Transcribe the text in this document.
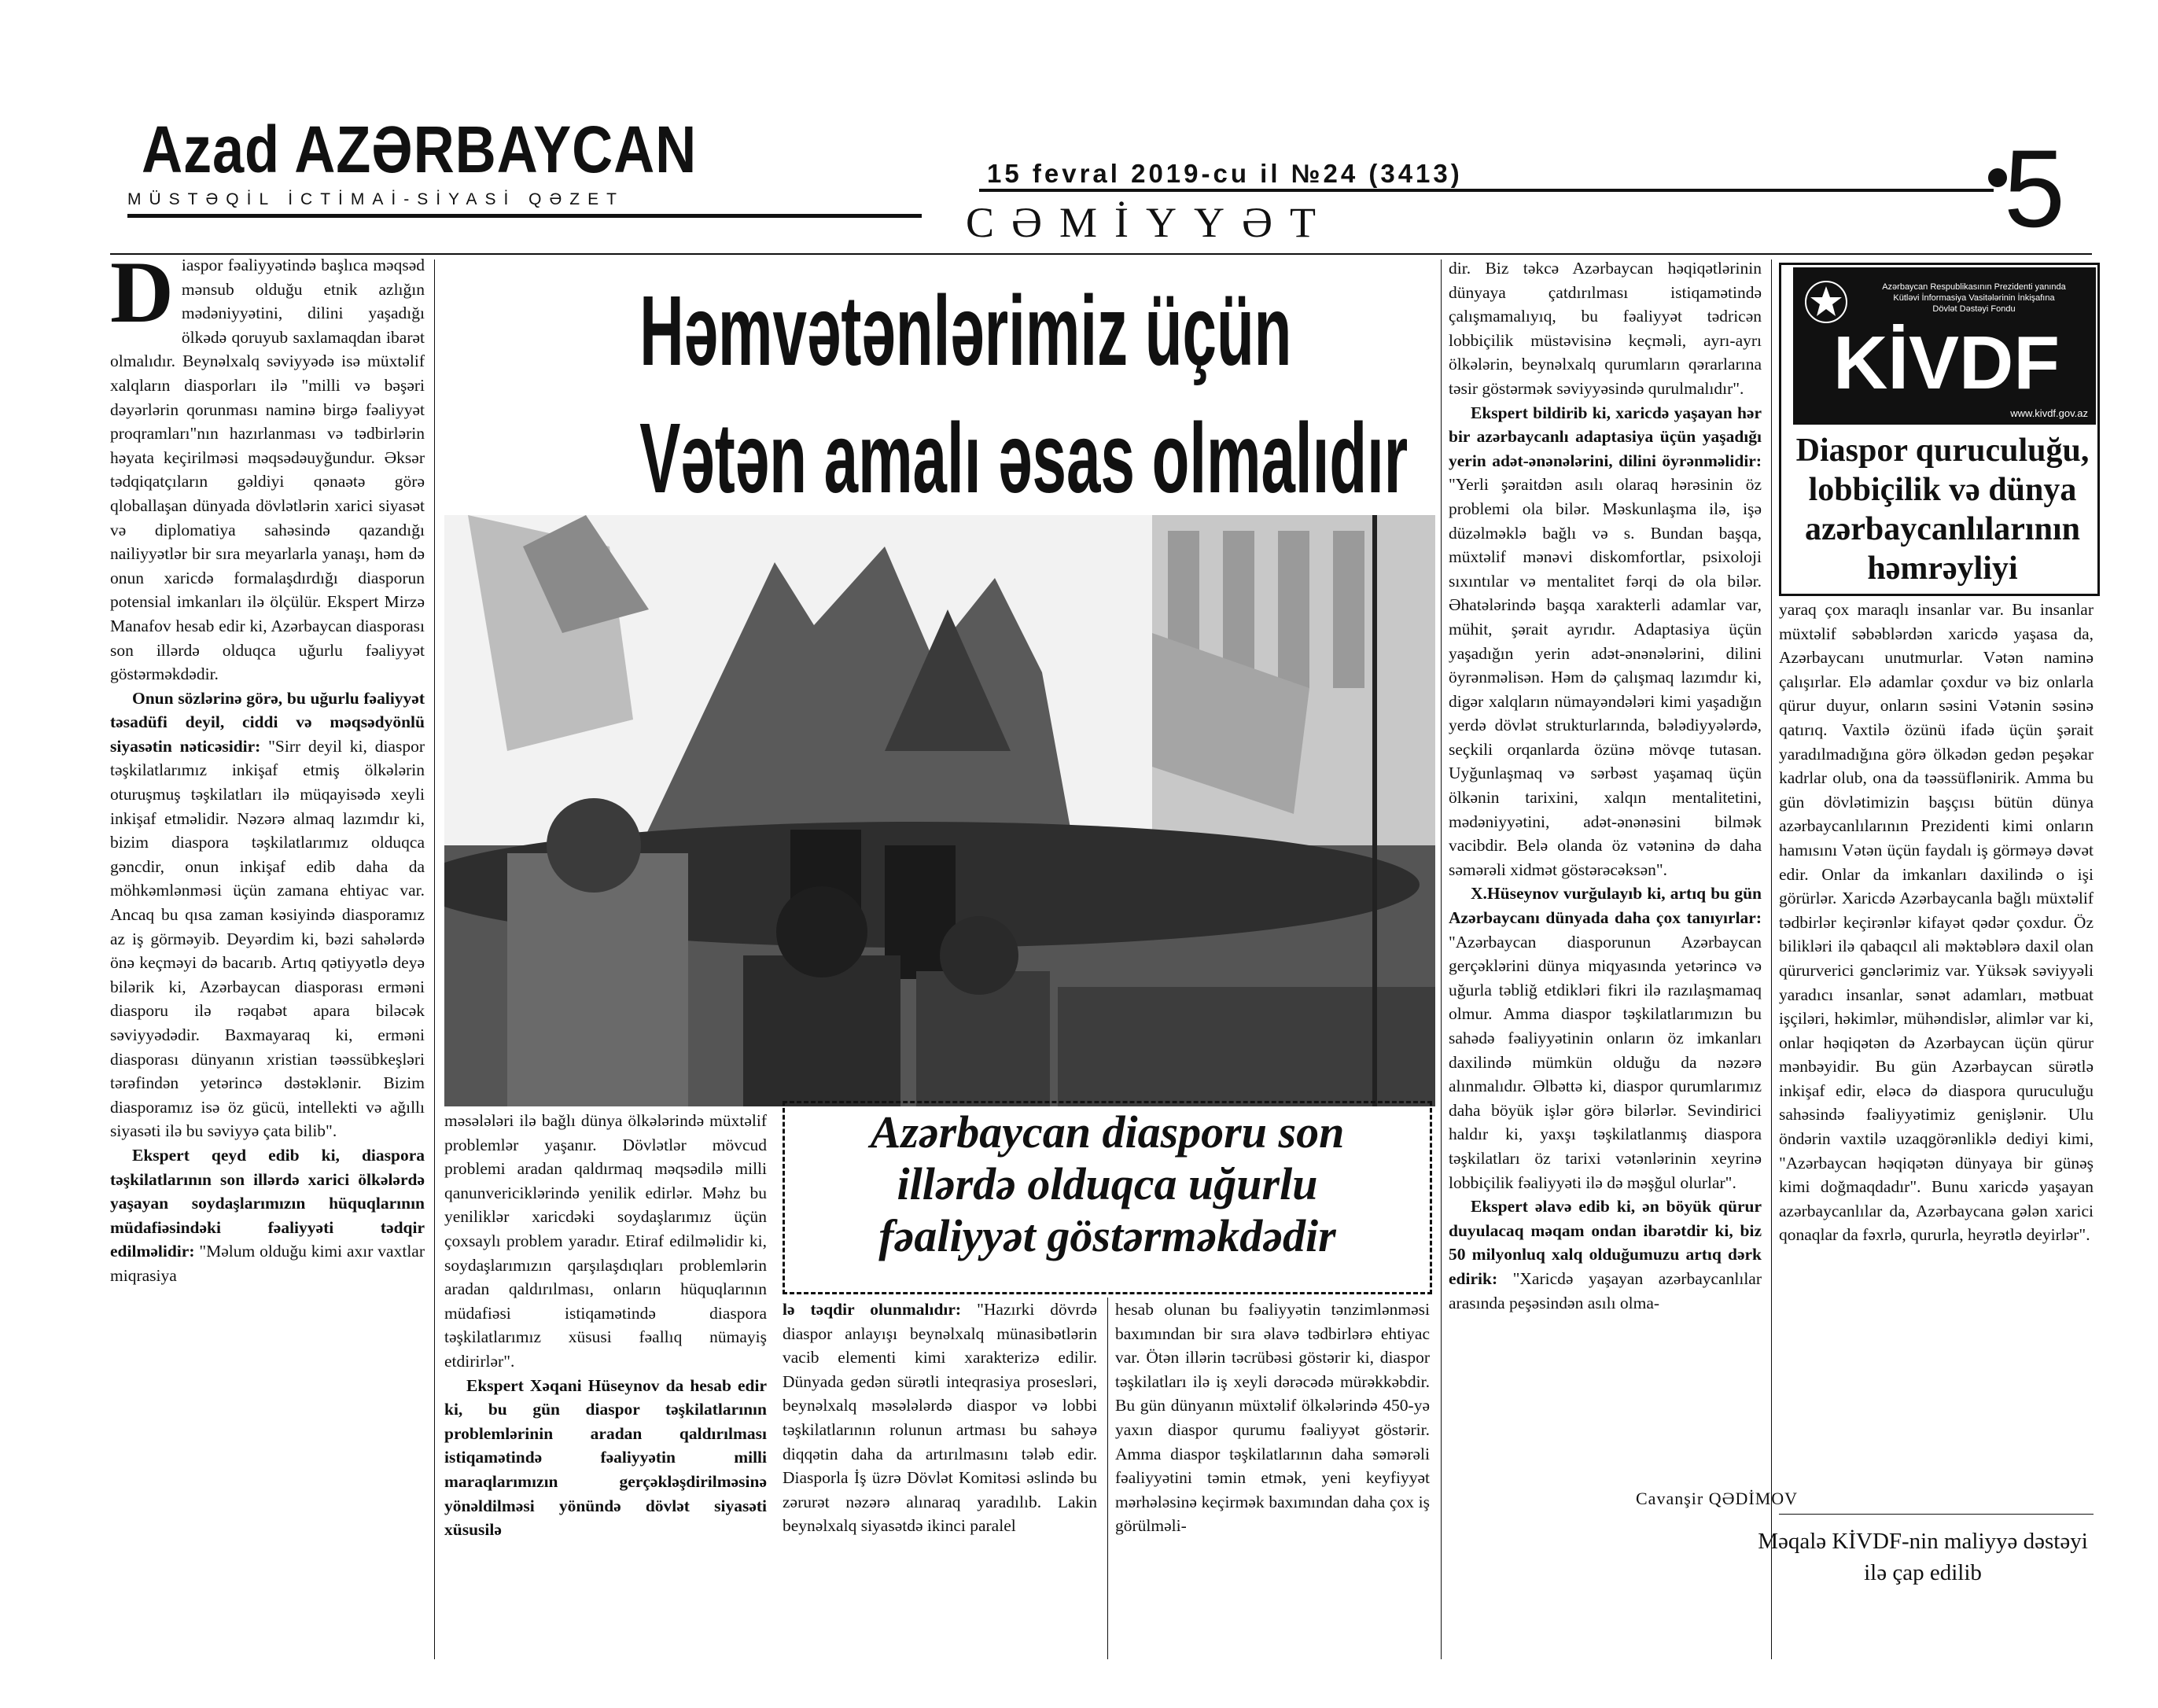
Azad AZƏRBAYCAN
MÜSTƏQİL İCTİMAİ-SİYASİ QƏZET
15 fevral 2019-cu il №24 (3413)
CƏMİYYƏT	5
D iaspor fəaliyyətində başlıca məqsəd mənsub olduğu etnik azlığın mədəniyyətini, dilini yaşadığı ölkədə qoruyub saxlamaqdan ibarət olmalıdır. Beynəlxalq səviyyədə isə müxtəlif xalqların diasporları ilə "milli və bəşəri dəyərlərin qorunması naminə birgə fəaliyyət proqramları"nın hazırlanması və tədbirlərin həyata keçirilməsi məqsədəuyğundur. Əksər tədqiqatçıların gəldiyi qənaətə görə qloballaşan dünyada dövlətlərin xarici siyasət və diplomatiya sahəsində qazandığı nailiyyətlər bir sıra meyarlarla yanaşı, həm də onun xaricdə formalaşdırdığı diasporun potensial imkanları ilə ölçülür. Ekspert Mirzə Manafov hesab edir ki, Azərbaycan diasporası son illərdə olduqca uğurlu fəaliyyət göstərməkdədir.

Onun sözlərinə görə, bu uğurlu fəaliyyət təsadüfi deyil, ciddi və məqsədyönlü siyasətin nəticəsidir: "Sirr deyil ki, diaspor təşkilatlarımız inkişaf etmiş ölkələrin oturuşmuş təşkilatları ilə müqayisədə xeyli inkişaf etməlidir. Nəzərə almaq lazımdır ki, bizim diaspora təşkilatlarımız olduqca gəncdir, onun inkişaf edib daha da möhkəmlənməsi üçün zamana ehtiyac var. Ancaq bu qısa zaman kəsiyində diasporamız az iş görməyib. Deyərdim ki, bəzi sahələrdə önə keçməyi də bacarıb. Artıq qətiyyətlə deyə bilərik ki, Azərbaycan diasporası erməni diasporu ilə rəqabət apara biləcək səviyyədədir. Baxmayaraq ki, erməni diasporası dünyanın xristian təəssübkeşləri tərəfindən yetərincə dəstəklənir. Bizim diasporamız isə öz gücü, intellekti və ağıllı siyasəti ilə bu səviyyə çata bilib".

Ekspert qeyd edib ki, diaspora təşkilatlarının son illərdə xarici ölkələrdə yaşayan soydaşlarımızın hüquqlarının müdafiəsindəki fəaliyyəti tədqir edilməlidir: "Məlum olduğu kimi axır vaxtlar miqrasiya

Həmvətənlərimiz üçün
Vətən amalı əsas olmalıdır

məsələləri ilə bağlı dünya ölkələrində müxtəlif problemlər yaşanır. Dövlətlər mövcud problemi aradan qaldırmaq məqsədilə milli qanunvericiklərində yenilik edirlər. Məhz bu yeniliklər xaricdəki soydaşlarımız üçün çoxsaylı problem yaradır. Etiraf edilməlidir ki, soydaşlarımızın qarşılaşdıqları problemlərin aradan qaldırılması, onların hüquqlarının müdafiəsi istiqamətində diaspora təşkilatlarımız xüsusi fəallıq nümayiş etdirirlər".

Ekspert Xəqani Hüseynov da hesab edir ki, bu gün diaspor təşkilatlarının problemlərinin aradan qaldırılması istiqamətində fəaliyyətin milli maraqlarımızın gerçəkləşdirilməsinə yönəldilməsi yönündə dövlət siyasəti xüsusilə

Azərbaycan diasporu son
illərdə olduqca uğurlu
fəaliyyət göstərməkdədir

lə təqdir olunmalıdır: "Hazırki dövrdə diaspor anlayışı beynəlxalq münasibətlərin vacib elementi kimi xarakterizə edilir. Dünyada gedən sürətli inteqrasiya prosesləri, beynəlxalq məsələlərdə diaspor və lobbi təşkilatlarının rolunun artması bu sahəyə diqqətin daha da artırılmasını tələb edir. Diasporla İş üzrə Dövlət Komitəsi əslində bu zərurət nəzərə alınaraq yaradılıb. Lakin beynəlxalq siyasətdə ikinci paralel

hesab olunan bu fəaliyyətin tənzimlənməsi baxımından bir sıra əlavə tədbirlərə ehtiyac var. Ötən illərin təcrübəsi göstərir ki, diaspor təşkilatları ilə iş xeyli dərəcədə mürəkkəbdir. Bu gün dünyanın müxtəlif ölkələrində 450-yə yaxın diaspor qurumu fəaliyyət göstərir. Amma diaspor təşkilatlarının daha səmərəli fəaliyyətini təmin etmək, yeni keyfiyyət mərhələsinə keçirmək baxımından daha çox iş görülməli-

dir. Biz təkcə Azərbaycan həqiqətlərinin dünyaya çatdırılması istiqamətində çalışmamalıyıq, bu fəaliyyət tədricən lobbiçilik müstəvisinə keçməli, ayrı-ayrı ölkələrin, beynəlxalq qurumların qərarlarına təsir göstərmək səviyyəsində qurulmalıdır".

Ekspert bildirib ki, xaricdə yaşayan hər bir azərbaycanlı adaptasiya üçün yaşadığı yerin adət-ənənələrini, dilini öyrənməlidir: "Yerli şəraitdən asılı olaraq hərəsinin öz problemi ola bilər. Məskunlaşma ilə, işə düzəlməklə bağlı və s. Bundan başqa, müxtəlif mənəvi diskomfortlar, psixoloji sıxıntılar və mentalitet fərqi də ola bilər. Əhatələrində başqa xarakterli adamlar var, mühit, şərait ayrıdır. Adaptasiya üçün yaşadığın yerin adət-ənənələrini, dilini öyrənməlisən. Həm də çalışmaq lazımdır ki, digər xalqların nümayəndələri kimi yaşadığın yerdə dövlət strukturlarında, bələdiyyələrdə, seçkili orqanlarda özünə mövqe tutasan. Uyğunlaşmaq və sərbəst yaşamaq üçün ölkənin tarixini, xalqın mentalitetini, mədəniyyətini, adət-ənənəsini bilmək vacibdir. Belə olanda öz vətəninə də daha səmərəli xidmət göstərəcəksən".

X.Hüseynov vurğulayıb ki, artıq bu gün Azərbaycanı dünyada daha çox tanıyırlar: "Azərbaycan diasporunun Azərbaycan gerçəklərini dünya miqyasında yetərincə və uğurla təbliğ etdikləri fikri ilə razılaşmamaq olmur. Amma diaspor təşkilatlarımızın bu sahədə fəaliyyətinin onların öz imkanları daxilində mümkün olduğu da nəzərə alınmalıdır. Əlbəttə ki, diaspor qurumlarımız daha böyük işlər görə bilərlər. Sevindirici haldır ki, yaxşı təşkilatlanmış diaspora təşkilatları öz tarixi vətənlərinin xeyrinə lobbiçilik fəaliyyəti ilə də məşğul olurlar".

Ekspert əlavə edib ki, ən böyük qürur duyulacaq məqam ondan ibarətdir ki, biz 50 milyonluq xalq olduğumuzu artıq dərk edirik: "Xaricdə yaşayan azərbaycanlılar arasında peşəsindən asılı olma-

Azərbaycan Respublikasının Prezidenti yanında
Kütləvi İnformasiya Vasitələrinin İnkişafına
Dövlət Dəstəyi Fondu
KİVDF
www.kivdf.gov.az
Diaspor quruculuğu, lobbiçilik və dünya azərbaycanlılarının həmrəyliyi

yaraq çox maraqlı insanlar var. Bu insanlar müxtəlif səbəblərdən xaricdə yaşasa da, Azərbaycanı unutmurlar. Vətən naminə çalışırlar. Elə adamlar çoxdur və biz onlarla qürur duyur, onların səsini Vətənin səsinə qatırıq. Vaxtilə özünü ifadə üçün şərait yaradılmadığına görə ölkədən gedən peşəkar kadrlar olub, ona da təəssüflənirik. Amma bu gün dövlətimizin başçısı bütün dünya azərbaycanlılarının Prezidenti kimi onların hamısını Vətən üçün faydalı iş görməyə dəvət edir. Onlar da imkanları daxilində o işi görürlər. Xaricdə Azərbaycanla bağlı müxtəlif tədbirlər keçirənlər kifayət qədər çoxdur. Öz bilikləri ilə qabaqcıl ali məktəblərə daxil olan qürurverici gənclərimiz var. Yüksək səviyyəli yaradıcı insanlar, sənət adamları, mətbuat işçiləri, həkimlər, mühəndislər, alimlər var ki, onlar həqiqətən də Azərbaycan üçün qürur mənbəyidir. Bu gün Azərbaycan sürətlə inkişaf edir, eləcə də diaspora quruculuğu sahəsində fəaliyyətimiz genişlənir. Ulu öndərin vaxtilə uzaqgörənliklə dediyi kimi, "Azərbaycan həqiqətən dünyaya bir günəş kimi doğmaqdadır". Bunu xaricdə yaşayan azərbaycanlılar da, Azərbaycana gələn xarici qonaqlar da fəxrlə, qururla, heyrətlə deyirlər".

Cavanşir QƏDİMOV
Məqalə KİVDF-nin maliyyə dəstəyi ilə çap edilib
